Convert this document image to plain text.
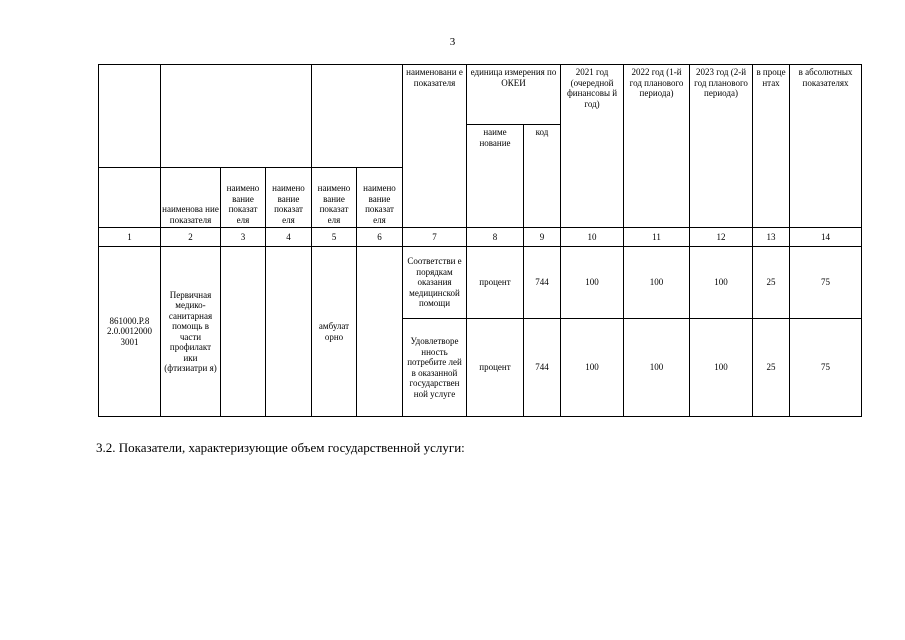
3
						наименовани е показателя	единица измерения по ОКЕИ		2021 год (очередной финансовы й год)	2022 год (1-й год планового периода)	2023 год (2-й год планового периода)	в проце нтах	в абсолютных показателях
							наиме нование	код					
	наименова ние показателя	наимено вание показат еля	наимено вание показат еля	наимено вание показат еля	наимено вание показат еля								
1	2	3	4	5	6	7	8	9	10	11	12	13	14
861000.Р.8 2.0.0012000 3001	Первичная медико- санитарная помощь в части профилакт ики (фтизиатри я)			амбулат орно		Соответстви е порядкам оказания медицинской помощи	процент	744	100	100	100	25	75
						Удовлетворе нность потребите лей в оказанной государствен ной услуге	процент	744	100	100	100	25	75
3.2. Показатели, характеризующие объем государственной услуги:
